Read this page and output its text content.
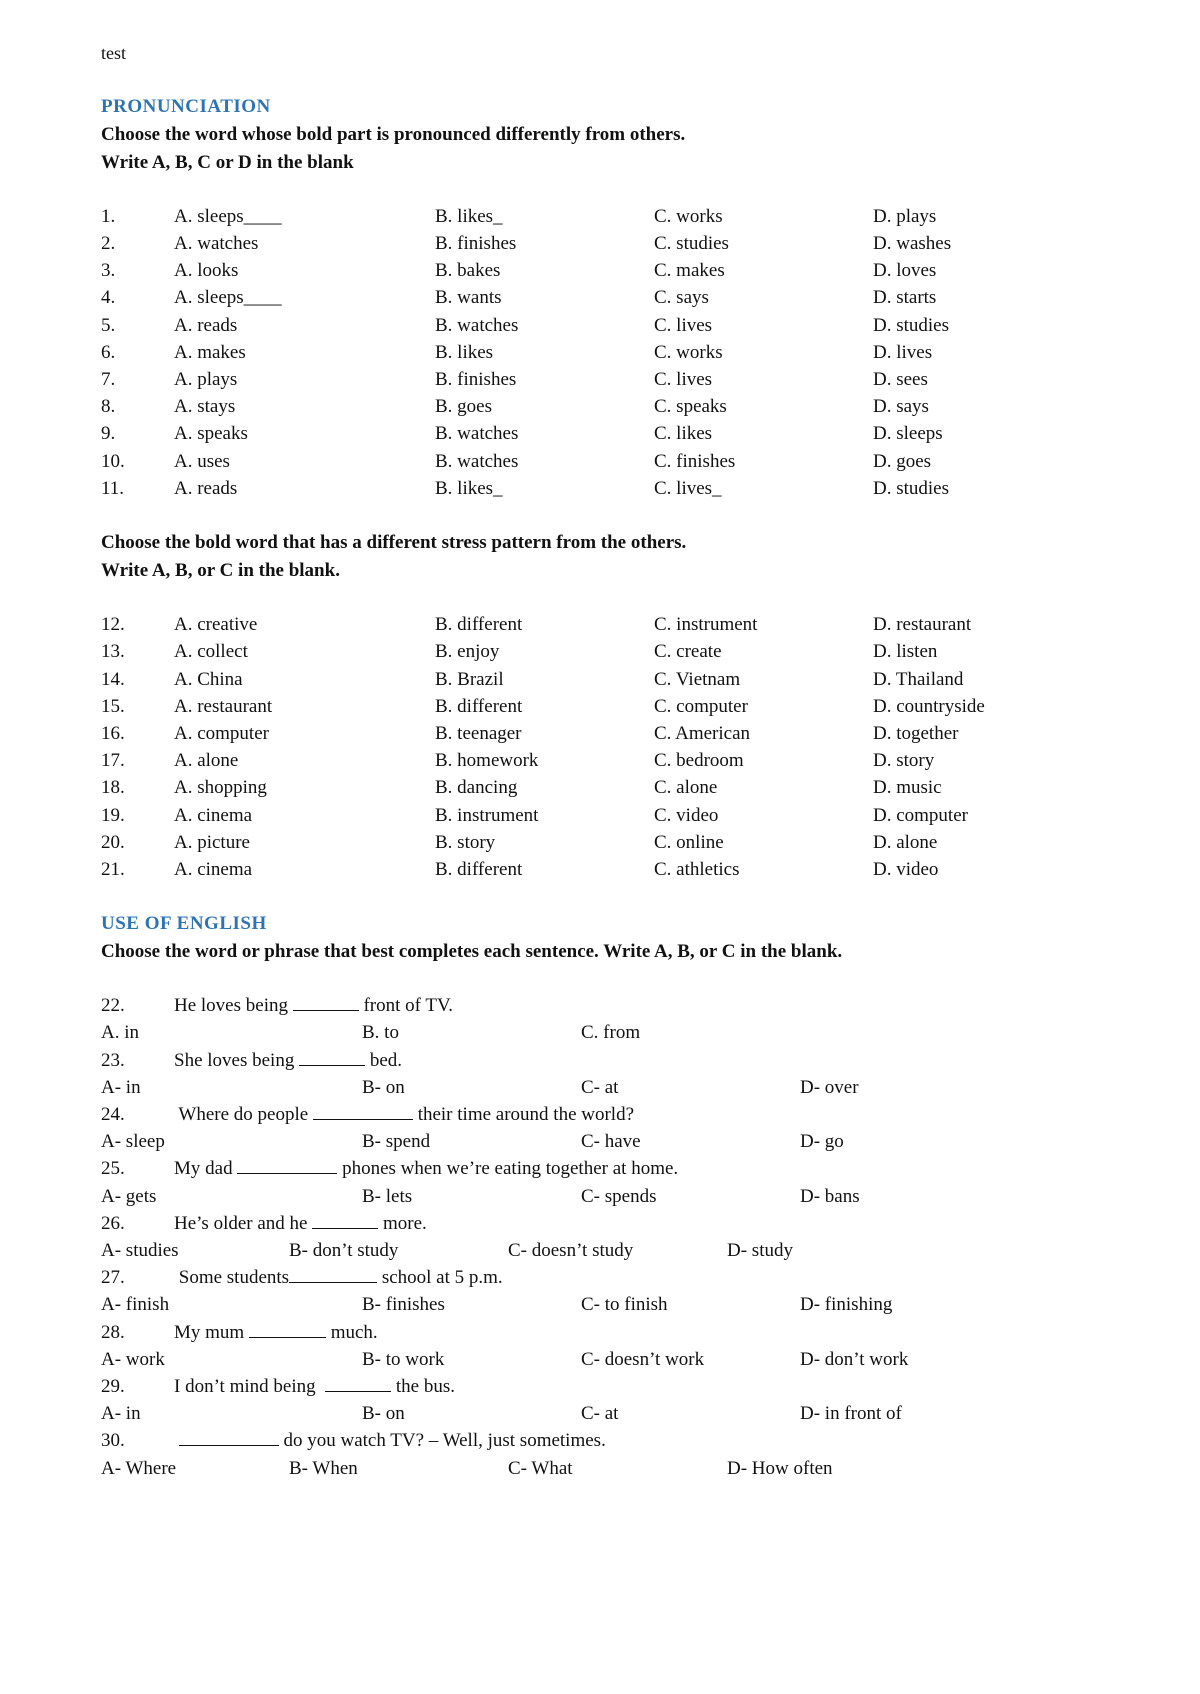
test
PRONUNCIATION
Choose the word whose bold part is pronounced differently from others.
Write A, B, C or D in the blank
1.	A. sleeps____	B. likes_	C. works	D. plays
2.	A. watches	B. finishes	C. studies	D. washes
3.	A. looks	B. bakes	C. makes	D. loves
4.	A. sleeps____	B. wants	C. says	D. starts
5.	A. reads	B. watches	C. lives	D. studies
6.	A. makes	B. likes	C. works	D. lives
7.	A. plays	B. finishes	C. lives	D. sees
8.	A. stays	B. goes	C. speaks	D. says
9.	A. speaks	B. watches	C. likes	D. sleeps
10.	A. uses	B. watches	C. finishes	D. goes
11.	A. reads	B. likes_	C. lives_	D. studies
Choose the bold word that has a different stress pattern from the others.
Write A, B, or C in the blank.
12.	A. creative	B. different	C. instrument	D. restaurant
13.	A. collect	B. enjoy	C. create	D. listen
14.	A. China	B. Brazil	C. Vietnam	D. Thailand
15.	A. restaurant	B. different	C. computer	D. countryside
16.	A. computer	B. teenager	C. American	D. together
17.	A. alone	B. homework	C. bedroom	D. story
18.	A. shopping	B. dancing	C. alone	D. music
19.	A. cinema	B. instrument	C. video	D. computer
20.	A. picture	B. story	C. online	D. alone
21.	A. cinema	B. different	C. athletics	D. video
USE OF ENGLISH
Choose the word or phrase that best completes each sentence. Write A, B, or C in the blank.
22.	He loves being	front of TV.
A. in	B. to	C. from
23.	She loves being	bed.
A- in	B- on	C- at	D- over
24.	Where do people	their time around the world?
A- sleep	B- spend	C- have	D- go
25.	My dad	phones when we’re eating together at home.
A- gets	B- lets	C- spends	D- bans
26.	He’s older and he	more.
A- studies	B- don’t study	C- doesn’t study	D- study
27.	Some students	school at 5 p.m.
A- finish	B- finishes	C- to finish	D- finishing
28.	My mum	much.
A- work	B- to work	C- doesn’t work	D- don’t work
29.	I don’t mind being	the bus.
A- in	B- on	C- at	D- in front of
30.	do you watch TV? – Well, just sometimes.
A- Where	B- When	C- What	D- How often
